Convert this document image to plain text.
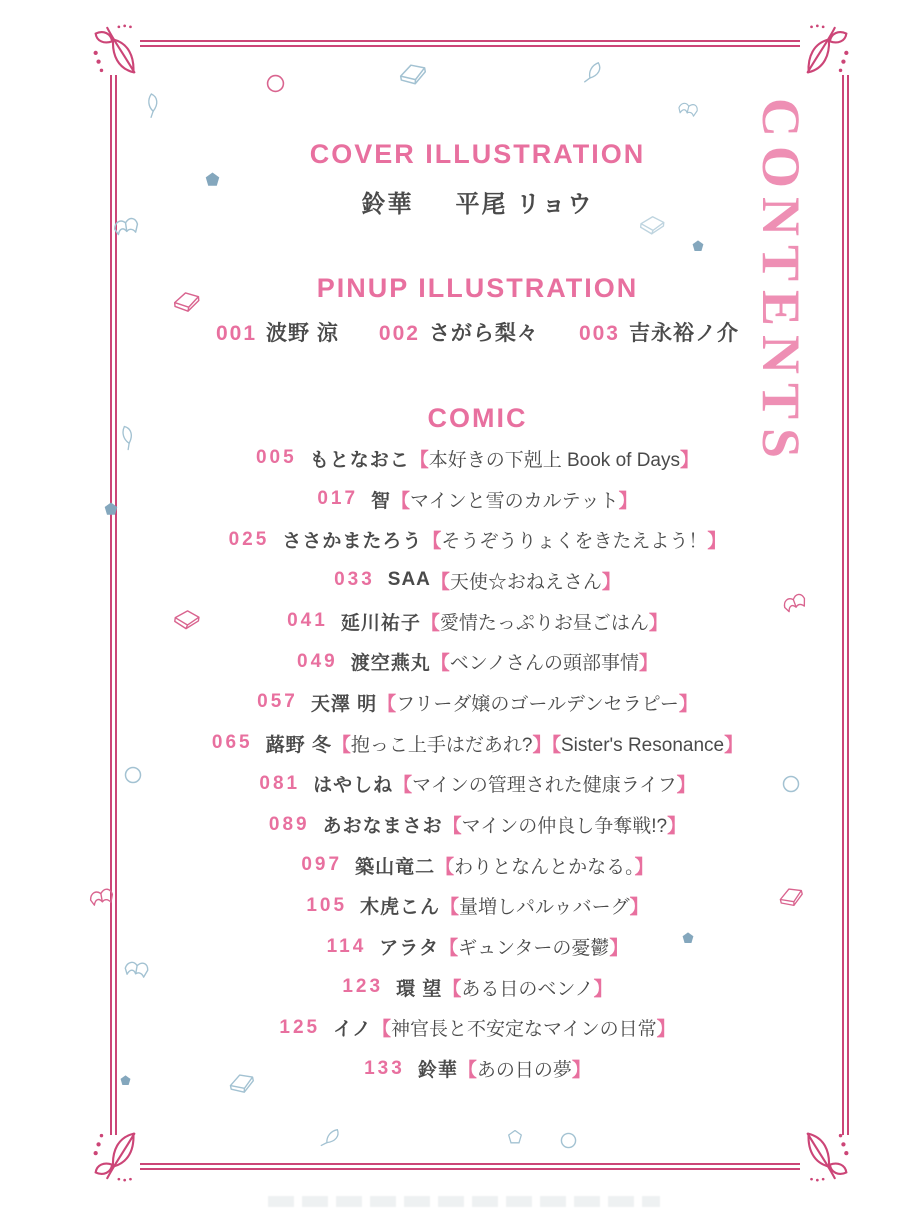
CONTENTS
COVER ILLUSTRATION
鈴華 平尾 リョウ
PINUP ILLUSTRATION
001 波野 涼 002 さがら梨々 003 吉永裕ノ介
COMIC
005 もとなおこ 【本好きの下剋上 Book of Days】
017 智 【マインと雪のカルテット】
025 ささかまたろう 【そうぞうりょくをきたえよう！】
033 SAA 【天使☆おねえさん】
041 延川祐子 【愛情たっぷりお昼ごはん】
049 渡空燕丸 【ベンノさんの頭部事情】
057 天澤 明 【フリーダ嬢のゴールデンセラピー】
065 蕗野 冬 【抱っこ上手はだあれ?】【Sister's Resonance】
081 はやしね 【マインの管理された健康ライフ】
089 あおなまさお 【マインの仲良し争奪戦!?】
097 築山竜二 【わりとなんとかなる。】
105 木虎こん 【量増しパルゥバーグ】
114 アラタ 【ギュンターの憂鬱】
123 環 望 【ある日のベンノ】
125 イノ 【神官長と不安定なマインの日常】
133 鈴華 【あの日の夢】
